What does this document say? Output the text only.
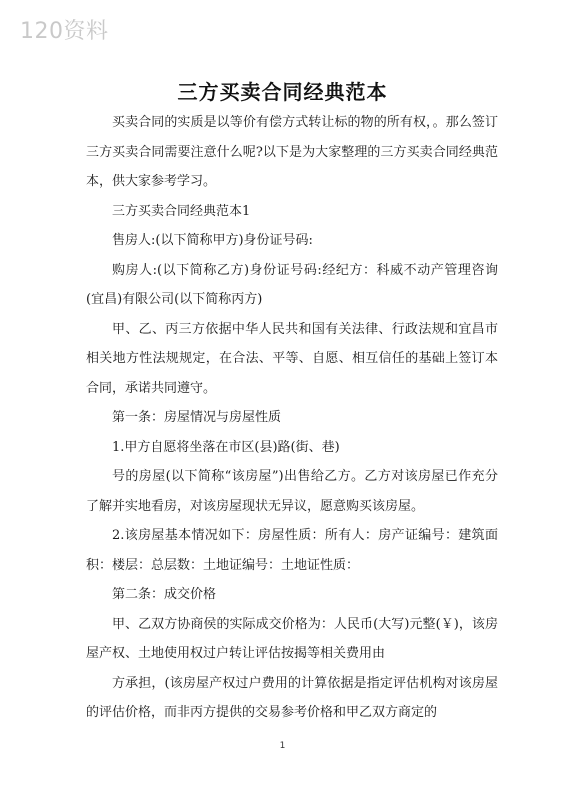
120资料
三方买卖合同经典范本

买卖合同的实质是以等价有偿方式转让标的物的所有权，。那么签订三方买卖合同需要注意什么呢?以下是为大家整理的三方买卖合同经典范本，供大家参考学习。

三方买卖合同经典范本1

售房人:(以下简称甲方)身份证号码:

购房人:(以下简称乙方)身份证号码:经纪方：科威不动产管理咨询(宜昌)有限公司(以下简称丙方)

甲、乙、丙三方依据中华人民共和国有关法律、行政法规和宜昌市相关地方性法规规定，在合法、平等、自愿、相互信任的基础上签订本合同，承诺共同遵守。

第一条：房屋情况与房屋性质

1.甲方自愿将坐落在市区(县)路(街、巷)

号的房屋(以下简称“该房屋”)出售给乙方。乙方对该房屋已作充分了解并实地看房，对该房屋现状无异议，愿意购买该房屋。

2.该房屋基本情况如下：房屋性质：所有人：房产证编号：建筑面积：楼层：总层数：土地证编号：土地证性质：

第二条：成交价格

甲、乙双方协商侯的实际成交价格为：人民币(大写)元整(￥)，该房屋产权、土地使用权过户转让评估按揭等相关费用由

方承担，(该房屋产权过户费用的计算依据是指定评估机构对该房屋的评估价格，而非丙方提供的交易参考价格和甲乙双方商定的

1
